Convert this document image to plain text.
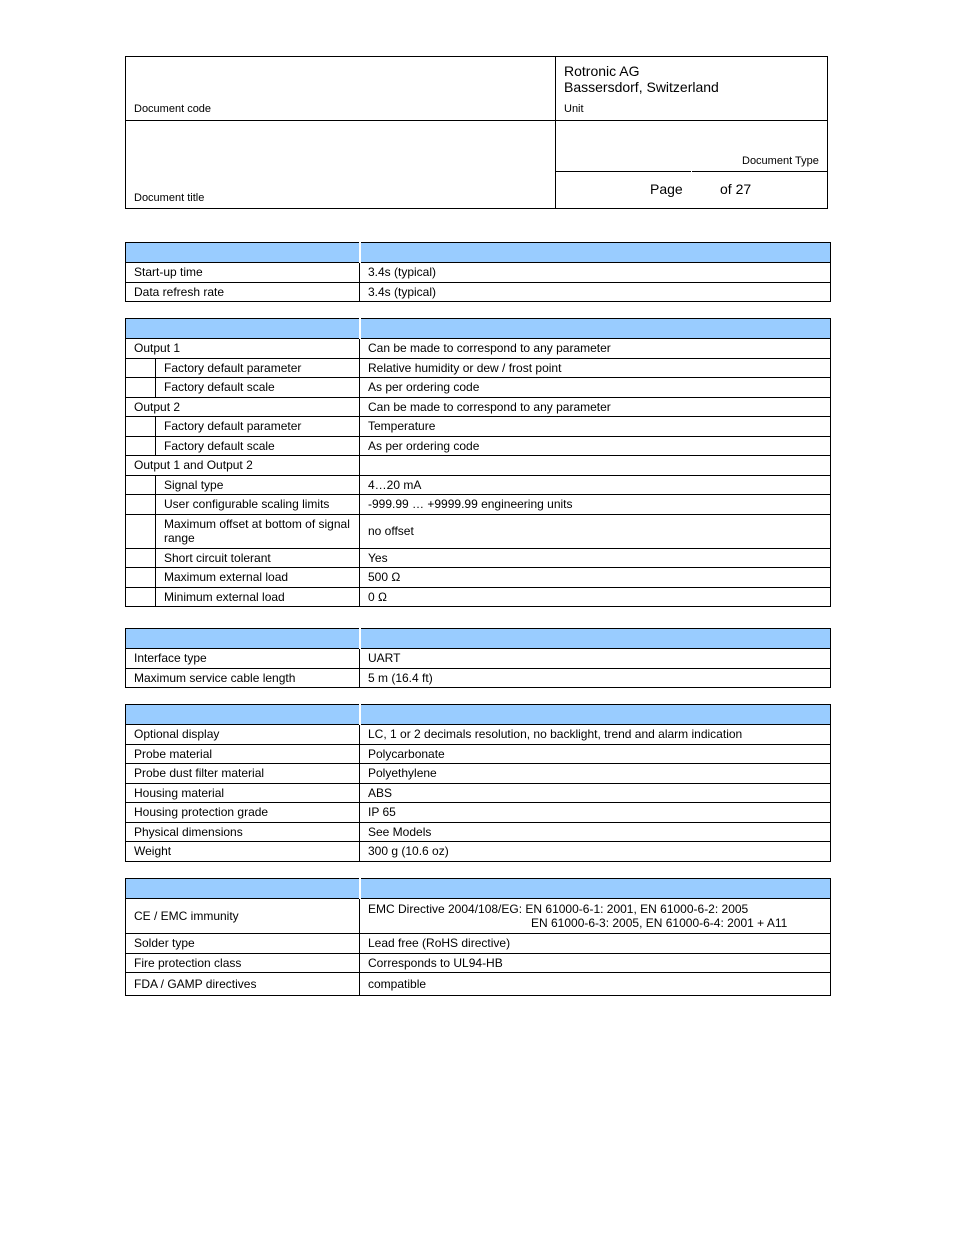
Rotronic AG
Bassersdorf, Switzerland
Document code	Unit
Document Type
Document title
Page	of 27

Start-up time	3.4s (typical)
Data refresh rate	3.4s (typical)

Output 1		Can be made to correspond to any parameter
	Factory default parameter	Relative humidity or dew / frost point
	Factory default scale	As per ordering code
Output 2		Can be made to correspond to any parameter
	Factory default parameter	Temperature
	Factory default scale	As per ordering code
Output 1 and Output 2		
	Signal type	4…20 mA
	User configurable scaling limits	-999.99 … +9999.99 engineering units
	Maximum offset at bottom of signal range	no offset
	Short circuit tolerant	Yes
	Maximum external load	500 Ω
	Minimum external load	0 Ω

Interface type	UART
Maximum service cable length	5 m (16.4 ft)

Optional display	LC, 1 or 2 decimals resolution, no backlight, trend and alarm indication
Probe material	Polycarbonate
Probe dust filter material	Polyethylene
Housing material	ABS
Housing protection grade	IP 65
Physical dimensions	See Models
Weight	300 g (10.6 oz)

CE / EMC immunity	EMC Directive 2004/108/EG: EN 61000-6-1: 2001, EN 61000-6-2: 2005
EN 61000-6-3: 2005, EN 61000-6-4: 2001 + A11

Solder type	Lead free (RoHS directive)
Fire protection class	Corresponds to UL94-HB
FDA / GAMP directives	compatible
